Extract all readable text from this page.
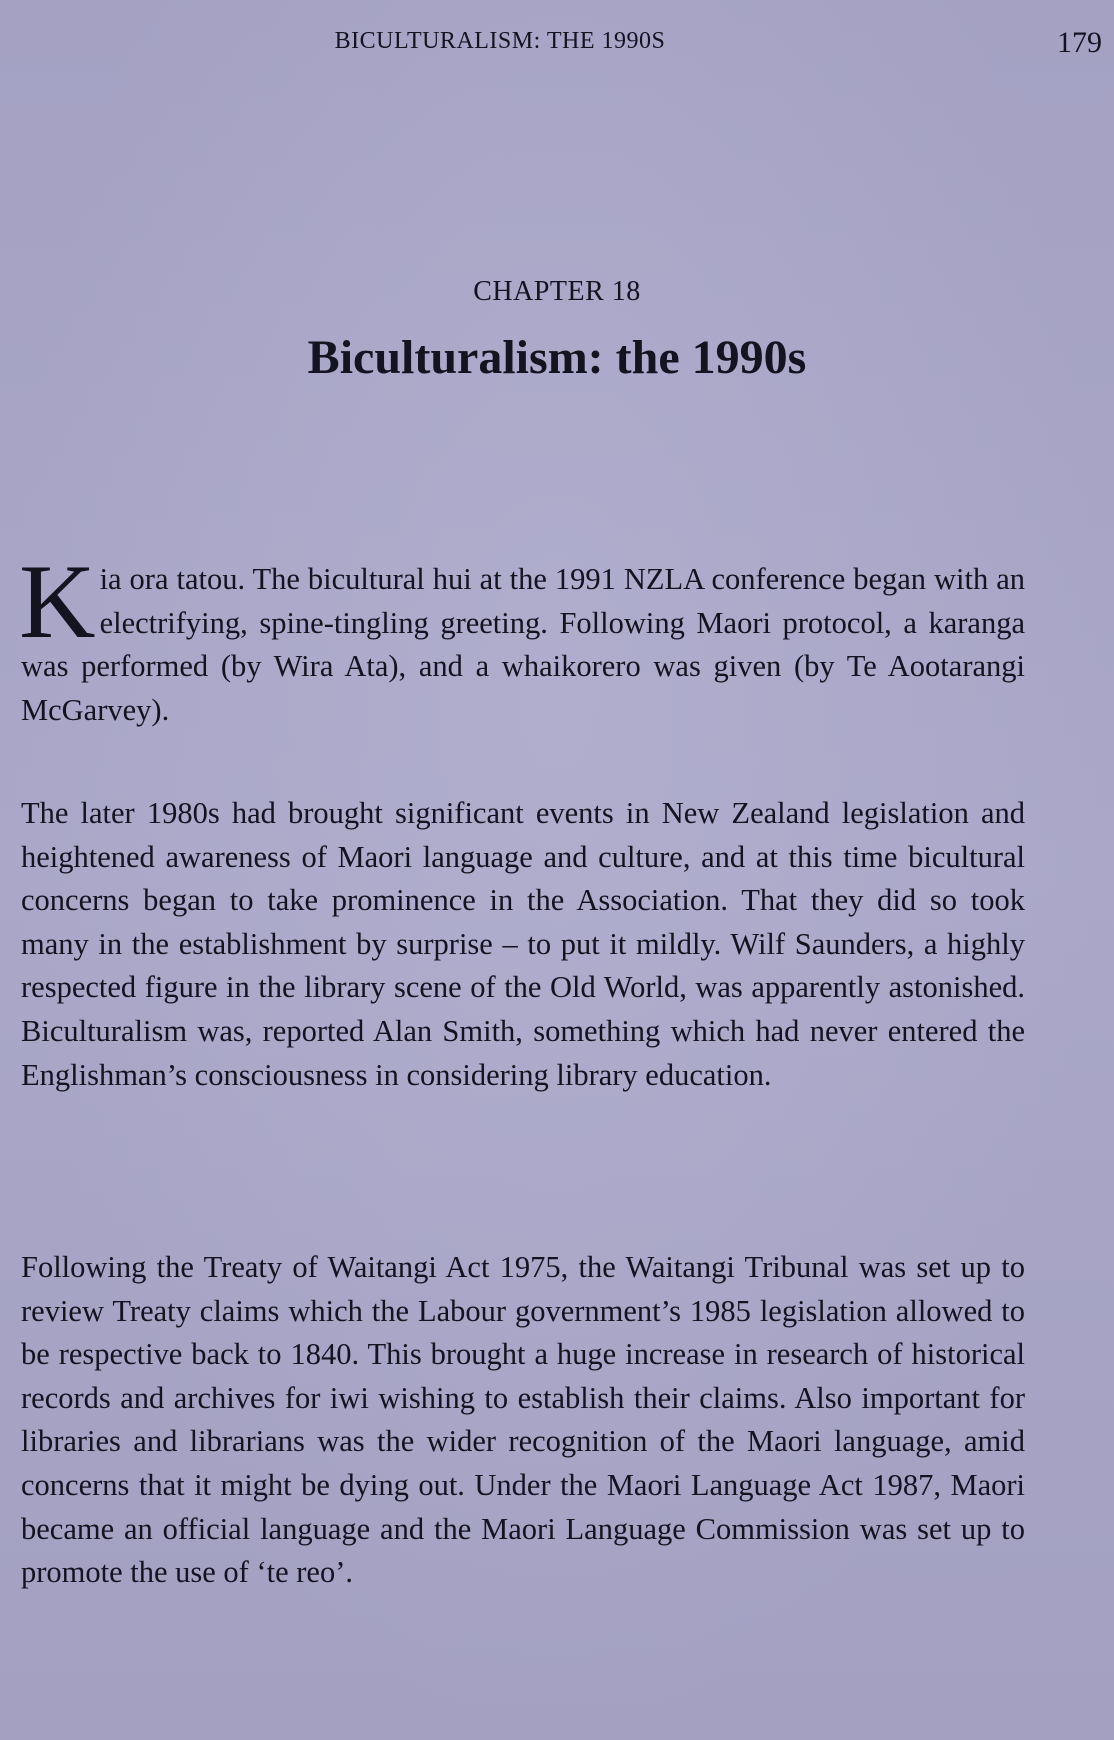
BICULTURALISM: THE 1990S	179
CHAPTER 18
Biculturalism: the 1990s

Kia ora tatou. The bicultural hui at the 1991 NZLA conference began with an electrifying, spine-tingling greeting. Following Maori protocol, a karanga was performed (by Wira Ata), and a whaikorero was given (by Te Aootarangi McGarvey).

The later 1980s had brought significant events in New Zealand legislation and heightened awareness of Maori language and culture, and at this time bicultural concerns began to take prominence in the Association. That they did so took many in the establishment by surprise – to put it mildly. Wilf Saunders, a highly respected figure in the library scene of the Old World, was apparently astonished. Biculturalism was, reported Alan Smith, something which had never entered the Englishman’s consciousness in considering library education.

Following the Treaty of Waitangi Act 1975, the Waitangi Tribunal was set up to review Treaty claims which the Labour government’s 1985 legislation allowed to be respective back to 1840. This brought a huge increase in research of historical records and archives for iwi wishing to establish their claims. Also important for libraries and librarians was the wider recognition of the Maori language, amid concerns that it might be dying out. Under the Maori Language Act 1987, Maori became an official language and the Maori Language Commission was set up to promote the use of ‘te reo’.
